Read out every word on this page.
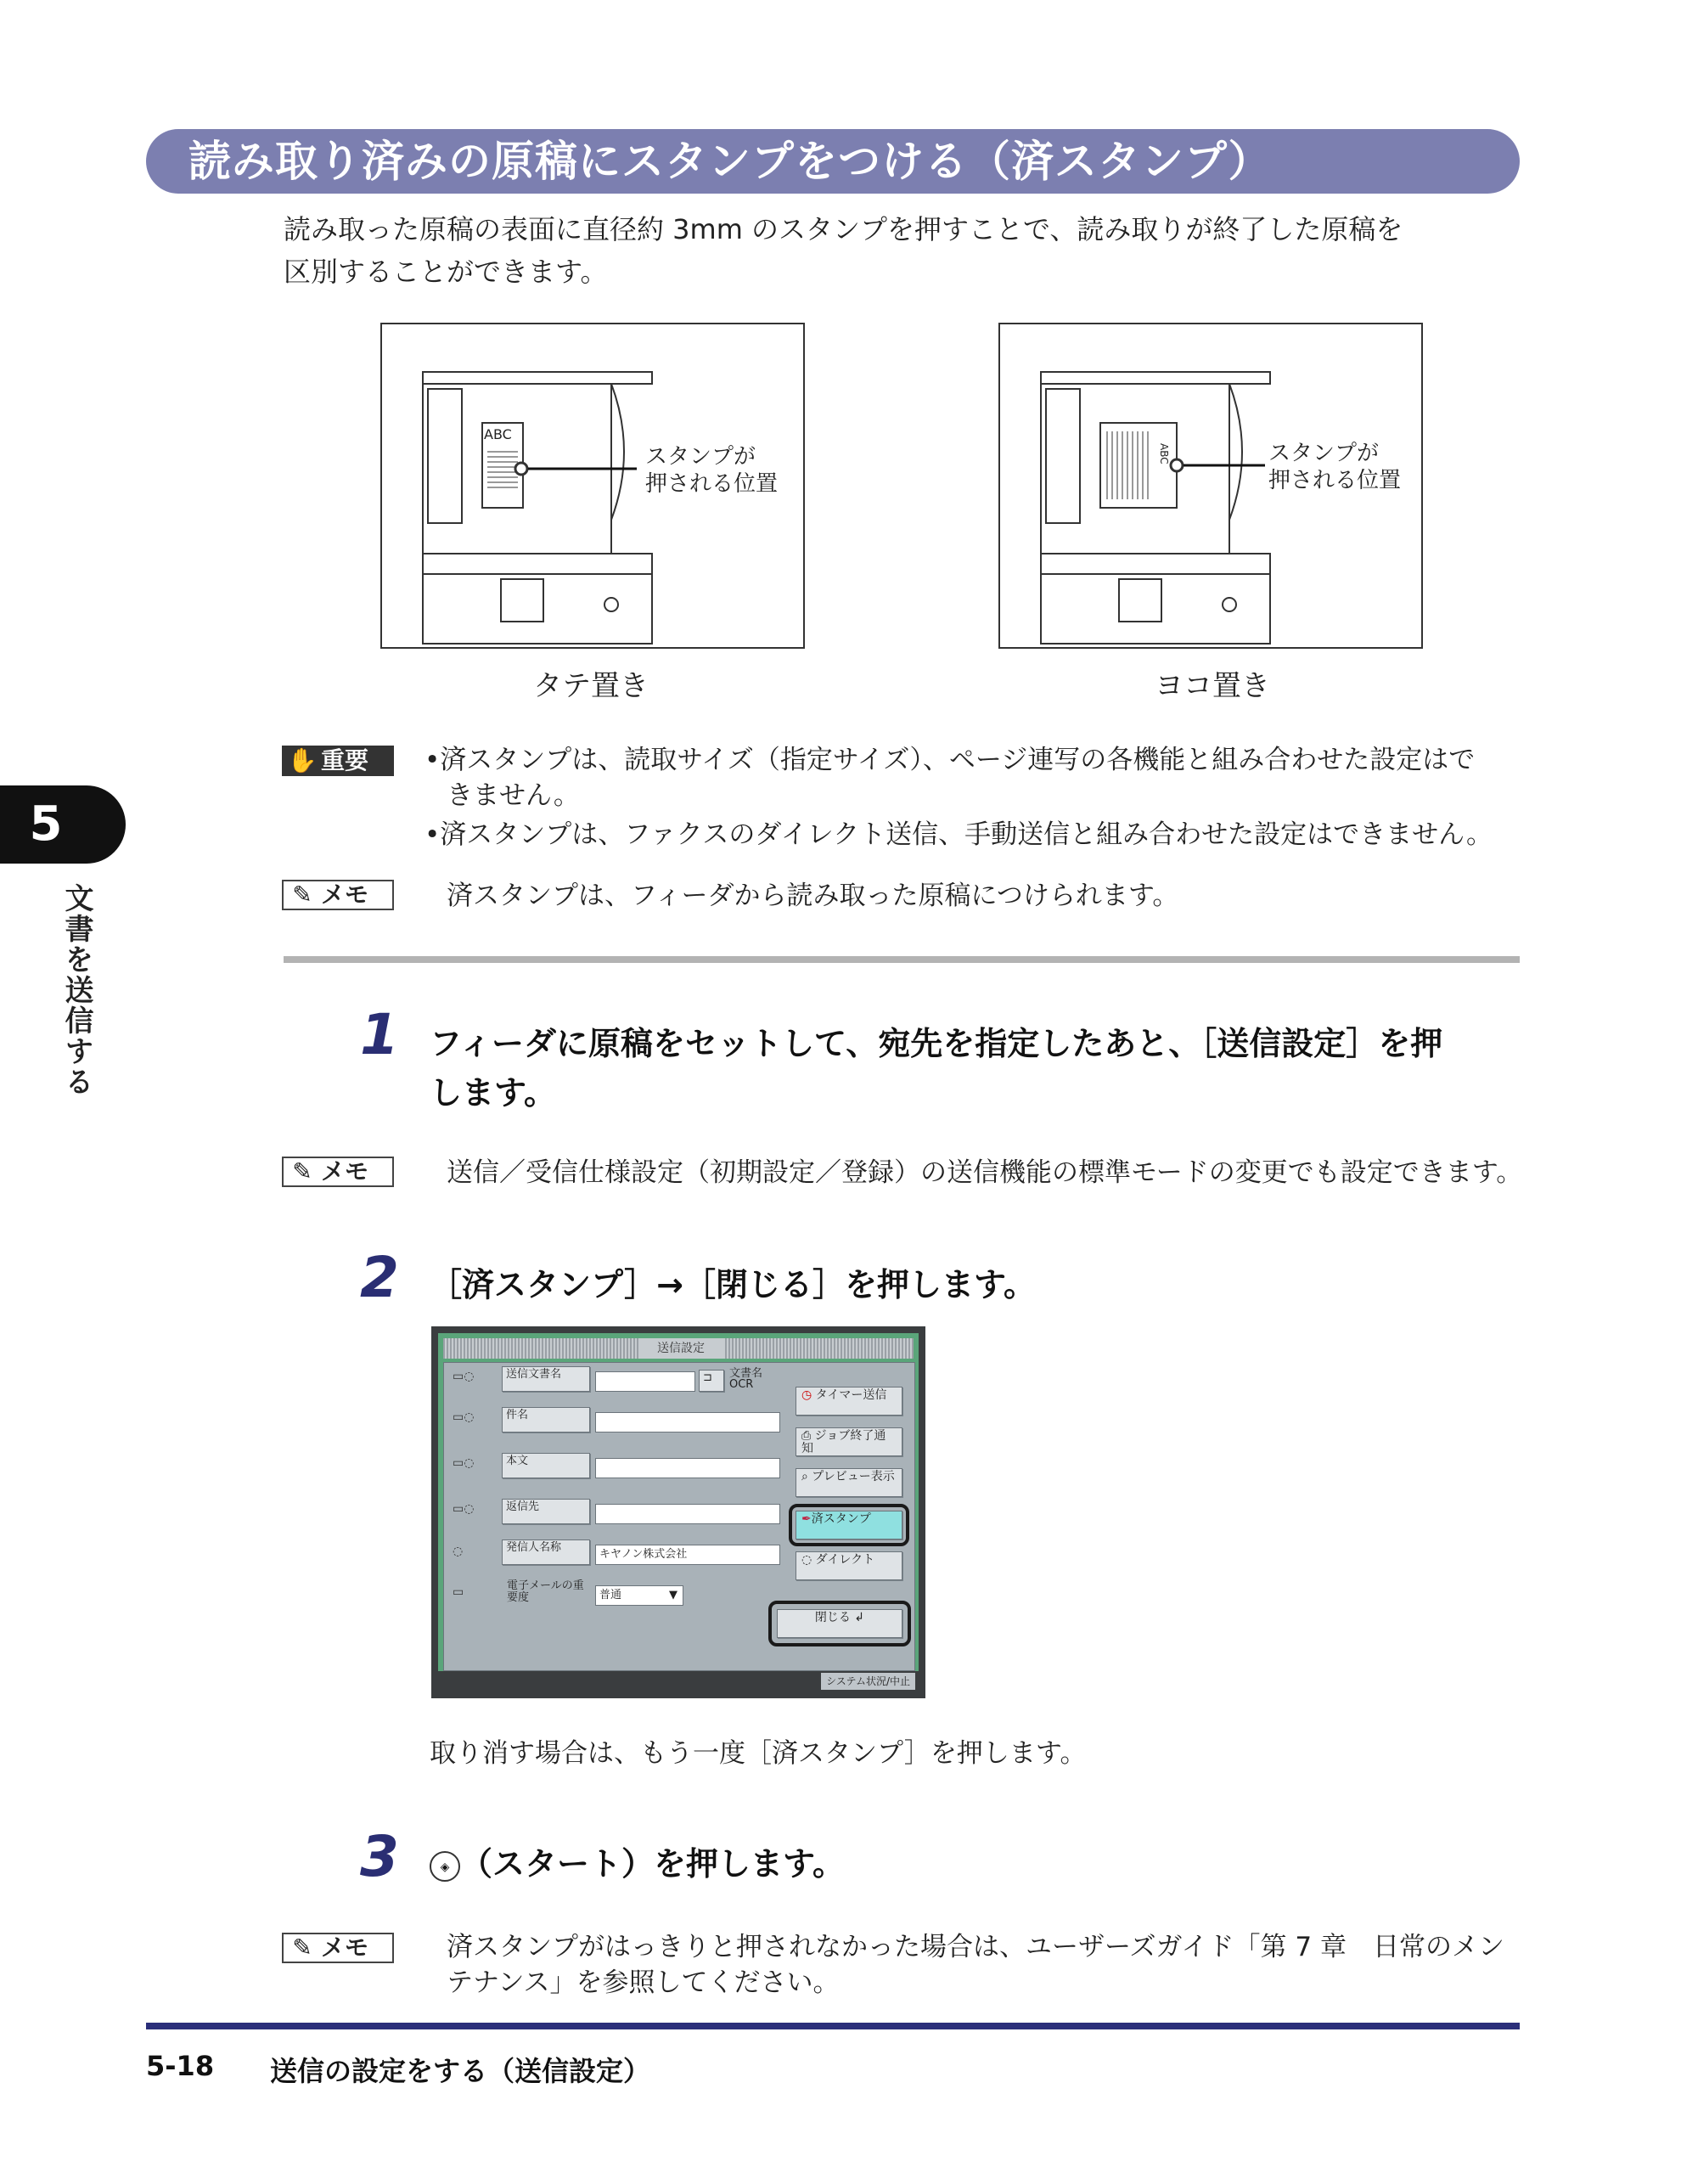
読み取り済みの原稿にスタンプをつける（済スタンプ）
読み取った原稿の表面に直径約 3mm のスタンプを押すことで、読み取りが終了した原稿を
区別することができます。
ABC
スタンプが
押される位置
タテ置き
ABC	スタンプが
押される位置
ヨコ置き
5
文書を送信する
✋ 重要	•済スタンプは、読取サイズ（指定サイズ）、ページ連写の各機能と組み合わせた設定はで
きません。
•済スタンプは、ファクスのダイレクト送信、手動送信と組み合わせた設定はできません。
✎ メモ	済スタンプは、フィーダから読み取った原稿につけられます。
1 フィーダに原稿をセットして、宛先を指定したあと、［送信設定］を押
します。
✎ メモ	送信／受信仕様設定（初期設定／登録）の送信機能の標準モードの変更でも設定できます。
2 ［済スタンプ］→［閉じる］を押します。
送信設定
▭◌
▭◌
▭◌
▭◌
◌
▭
送信文書名	⊐	文書名
OCR
件名
本文
返信先
発信人名称
キヤノン株式会社
電子メールの重要度	普通	▼
◷ タイマー送信
⎙ ジョブ終了通知
⌕ プレビュー表示
✒済スタンプ
◌ ダイレクト
閉じる ↲
システム状況/中止
取り消す場合は、もう一度［済スタンプ］を押します。
3	◈ （スタート）を押します。
✎ メモ	済スタンプがはっきりと押されなかった場合は、ユーザーズガイド「第 7 章　日常のメン
テナンス」を参照してください。
5-18 送信の設定をする（送信設定）
